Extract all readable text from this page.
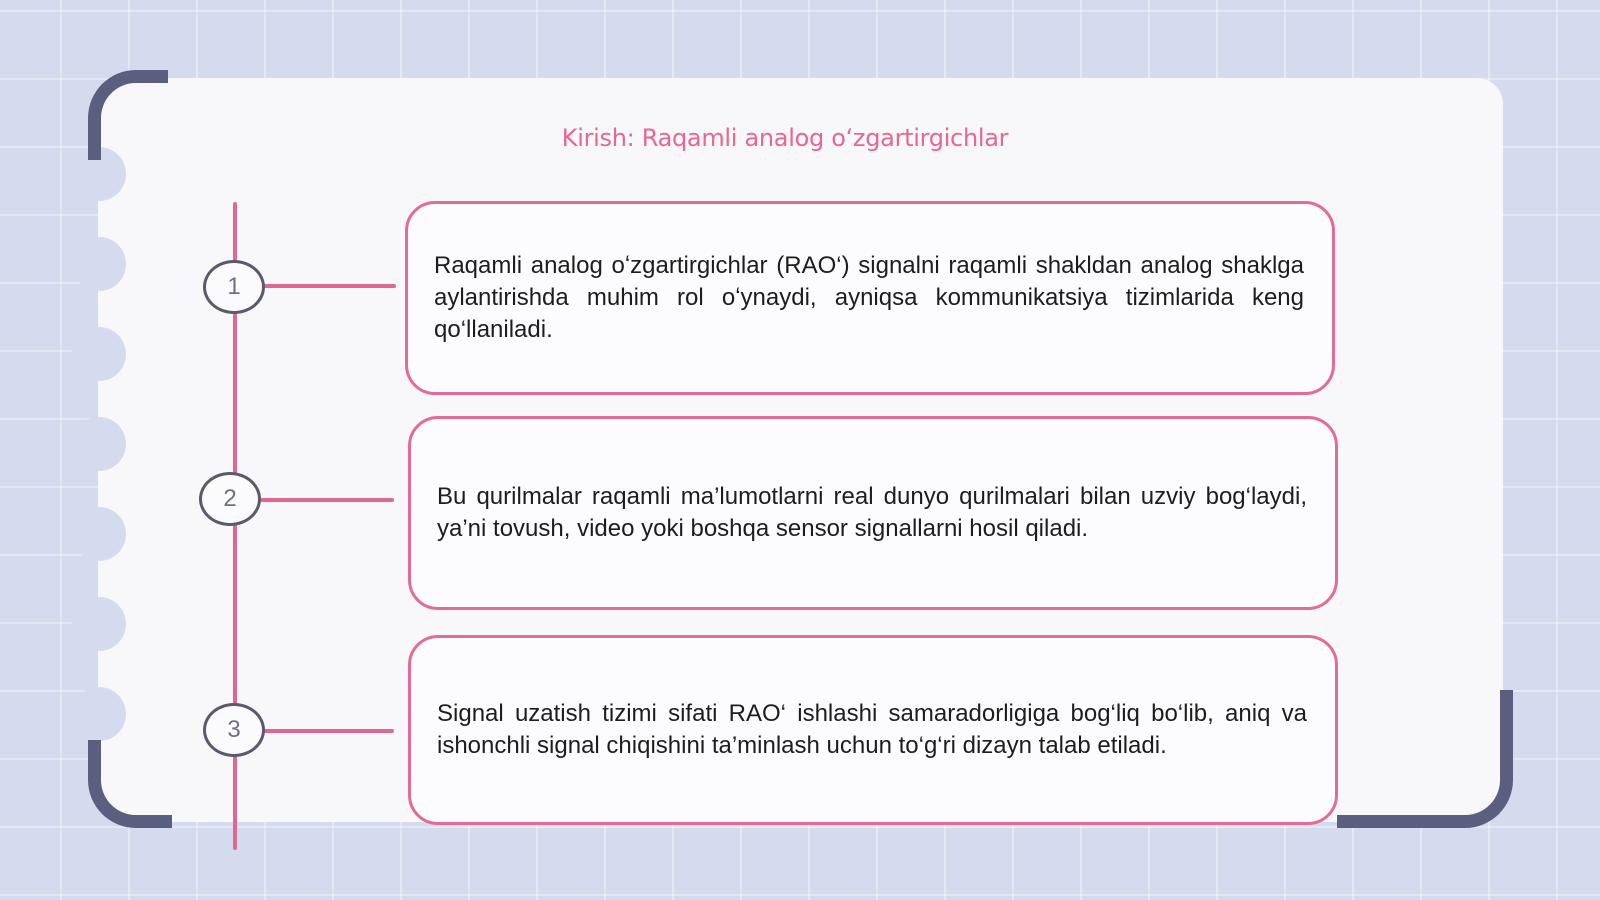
Kirish: Raqamli analog oʻzgartirgichlar
1

Raqamli analog oʻzgartirgichlar (RAO‘) signalni raqamli shakldan analog shaklga aylantirishda muhim rol oʻynaydi, ayniqsa kommunikatsiya tizimlarida keng qo‘llaniladi.

2	Bu qurilmalar raqamli ma’lumotlarni real dunyo qurilmalari bilan uzviy bog‘laydi, ya’ni tovush, video yoki boshqa sensor signallarni hosil qiladi.

3

Signal uzatish tizimi sifati RAO‘ ishlashi samaradorligiga bog‘liq bo‘lib, aniq va ishonchli signal chiqishini ta’minlash uchun to‘g‘ri dizayn talab etiladi.
